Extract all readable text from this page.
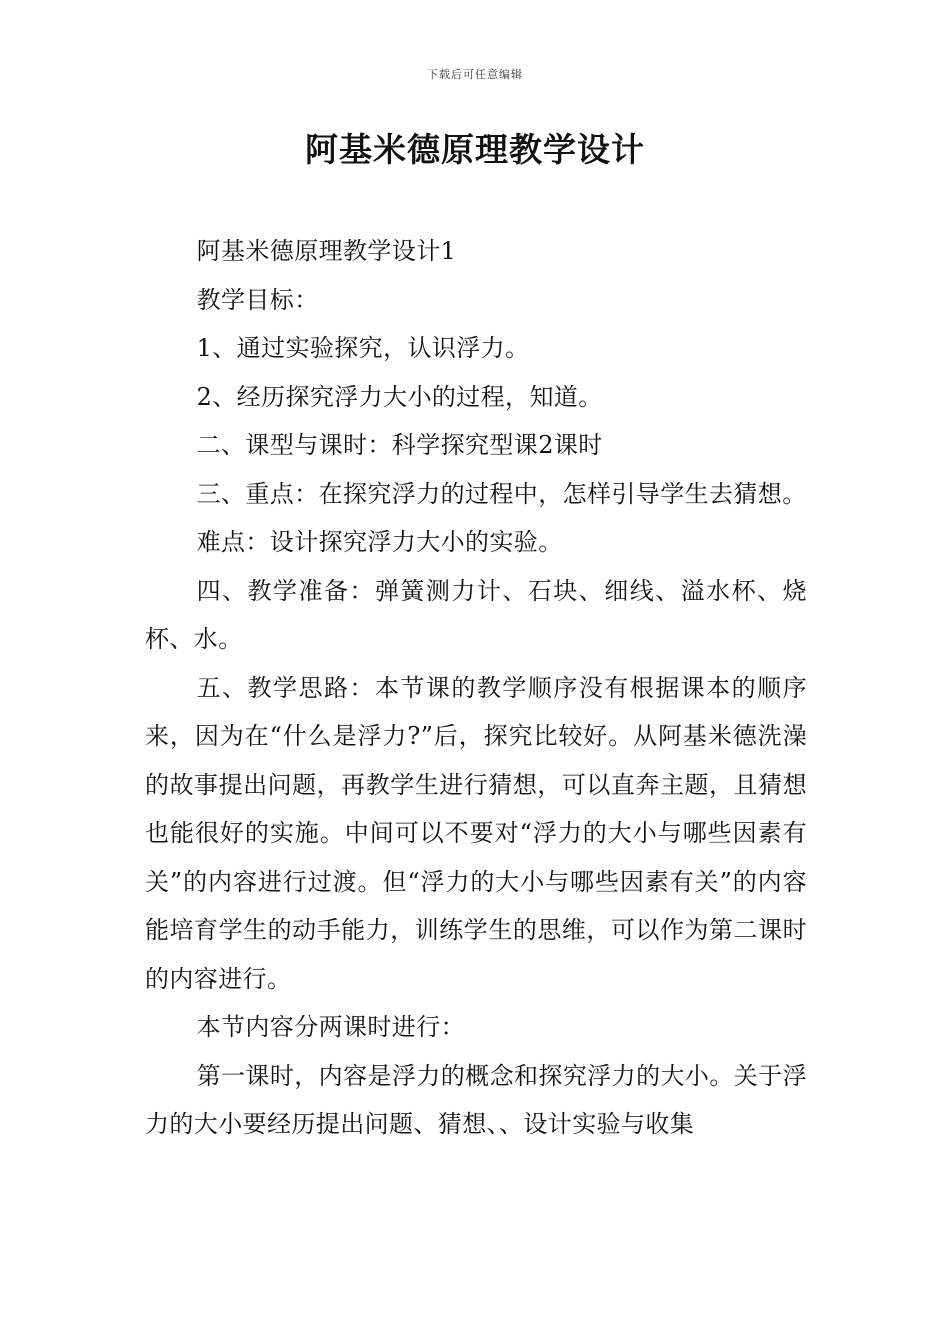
下载后可任意编辑
阿基米德原理教学设计

阿基米德原理教学设计1

教学目标：

1、通过实验探究，认识浮力。

2、经历探究浮力大小的过程，知道。

二、课型与课时：科学探究型课2课时

三、重点：在探究浮力的过程中，怎样引导学生去猜想。

难点：设计探究浮力大小的实验。

四、教学准备：弹簧测力计、石块、细线、溢水杯、烧杯、水。

五、教学思路：本节课的教学顺序没有根据课本的顺序来，因为在“什么是浮力?”后，探究比较好。从阿基米德洗澡的故事提出问题，再教学生进行猜想，可以直奔主题，且猜想也能很好的实施。中间可以不要对“浮力的大小与哪些因素有关”的内容进行过渡。但“浮力的大小与哪些因素有关”的内容能培育学生的动手能力，训练学生的思维，可以作为第二课时的内容进行。

本节内容分两课时进行：

第一课时，内容是浮力的概念和探究浮力的大小。关于浮力的大小要经历提出问题、猜想、、设计实验与收集
